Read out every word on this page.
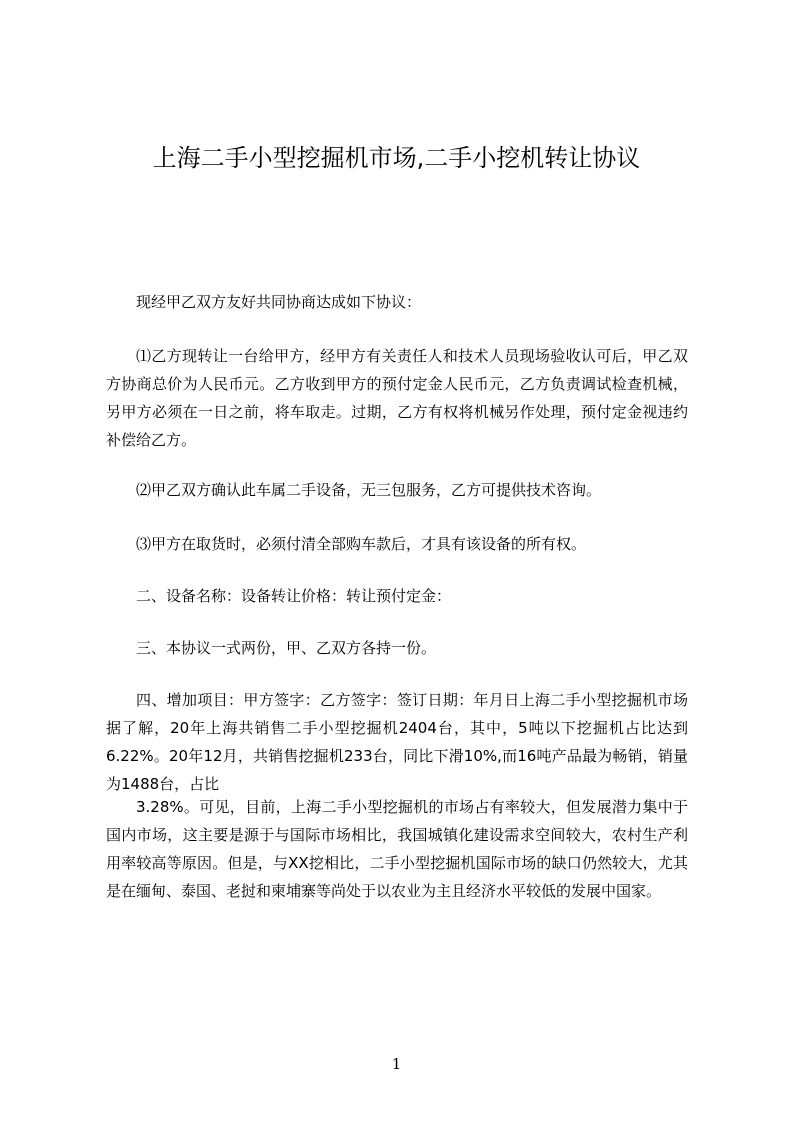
上海二手小型挖掘机市场,二手小挖机转让协议

现经甲乙双方友好共同协商达成如下协议：

⑴乙方现转让一台给甲方，经甲方有关责任人和技术人员现场验收认可后，甲乙双方协商总价为人民币元。乙方收到甲方的预付定金人民币元，乙方负责调试检查机械，另甲方必须在一日之前，将车取走。过期，乙方有权将机械另作处理，预付定金视违约补偿给乙方。

⑵甲乙双方确认此车属二手设备，无三包服务，乙方可提供技术咨询。

⑶甲方在取货时，必须付清全部购车款后，才具有该设备的所有权。

二、设备名称：设备转让价格：转让预付定金：

三、本协议一式两份，甲、乙双方各持一份。

四、增加项目：甲方签字：乙方签字：签订日期：年月日上海二手小型挖掘机市场据了解，20年上海共销售二手小型挖掘机2404台，其中，5吨以下挖掘机占比达到6.22%。20年12月，共销售挖掘机233台，同比下滑10%,而16吨产品最为畅销，销量为1488台，占比

3.28%。可见，目前，上海二手小型挖掘机的市场占有率较大，但发展潜力集中于国内市场，这主要是源于与国际市场相比，我国城镇化建设需求空间较大，农村生产利用率较高等原因。但是，与XX挖相比，二手小型挖掘机国际市场的缺口仍然较大，尤其是在缅甸、泰国、老挝和柬埔寨等尚处于以农业为主且经济水平较低的发展中国家。

1
